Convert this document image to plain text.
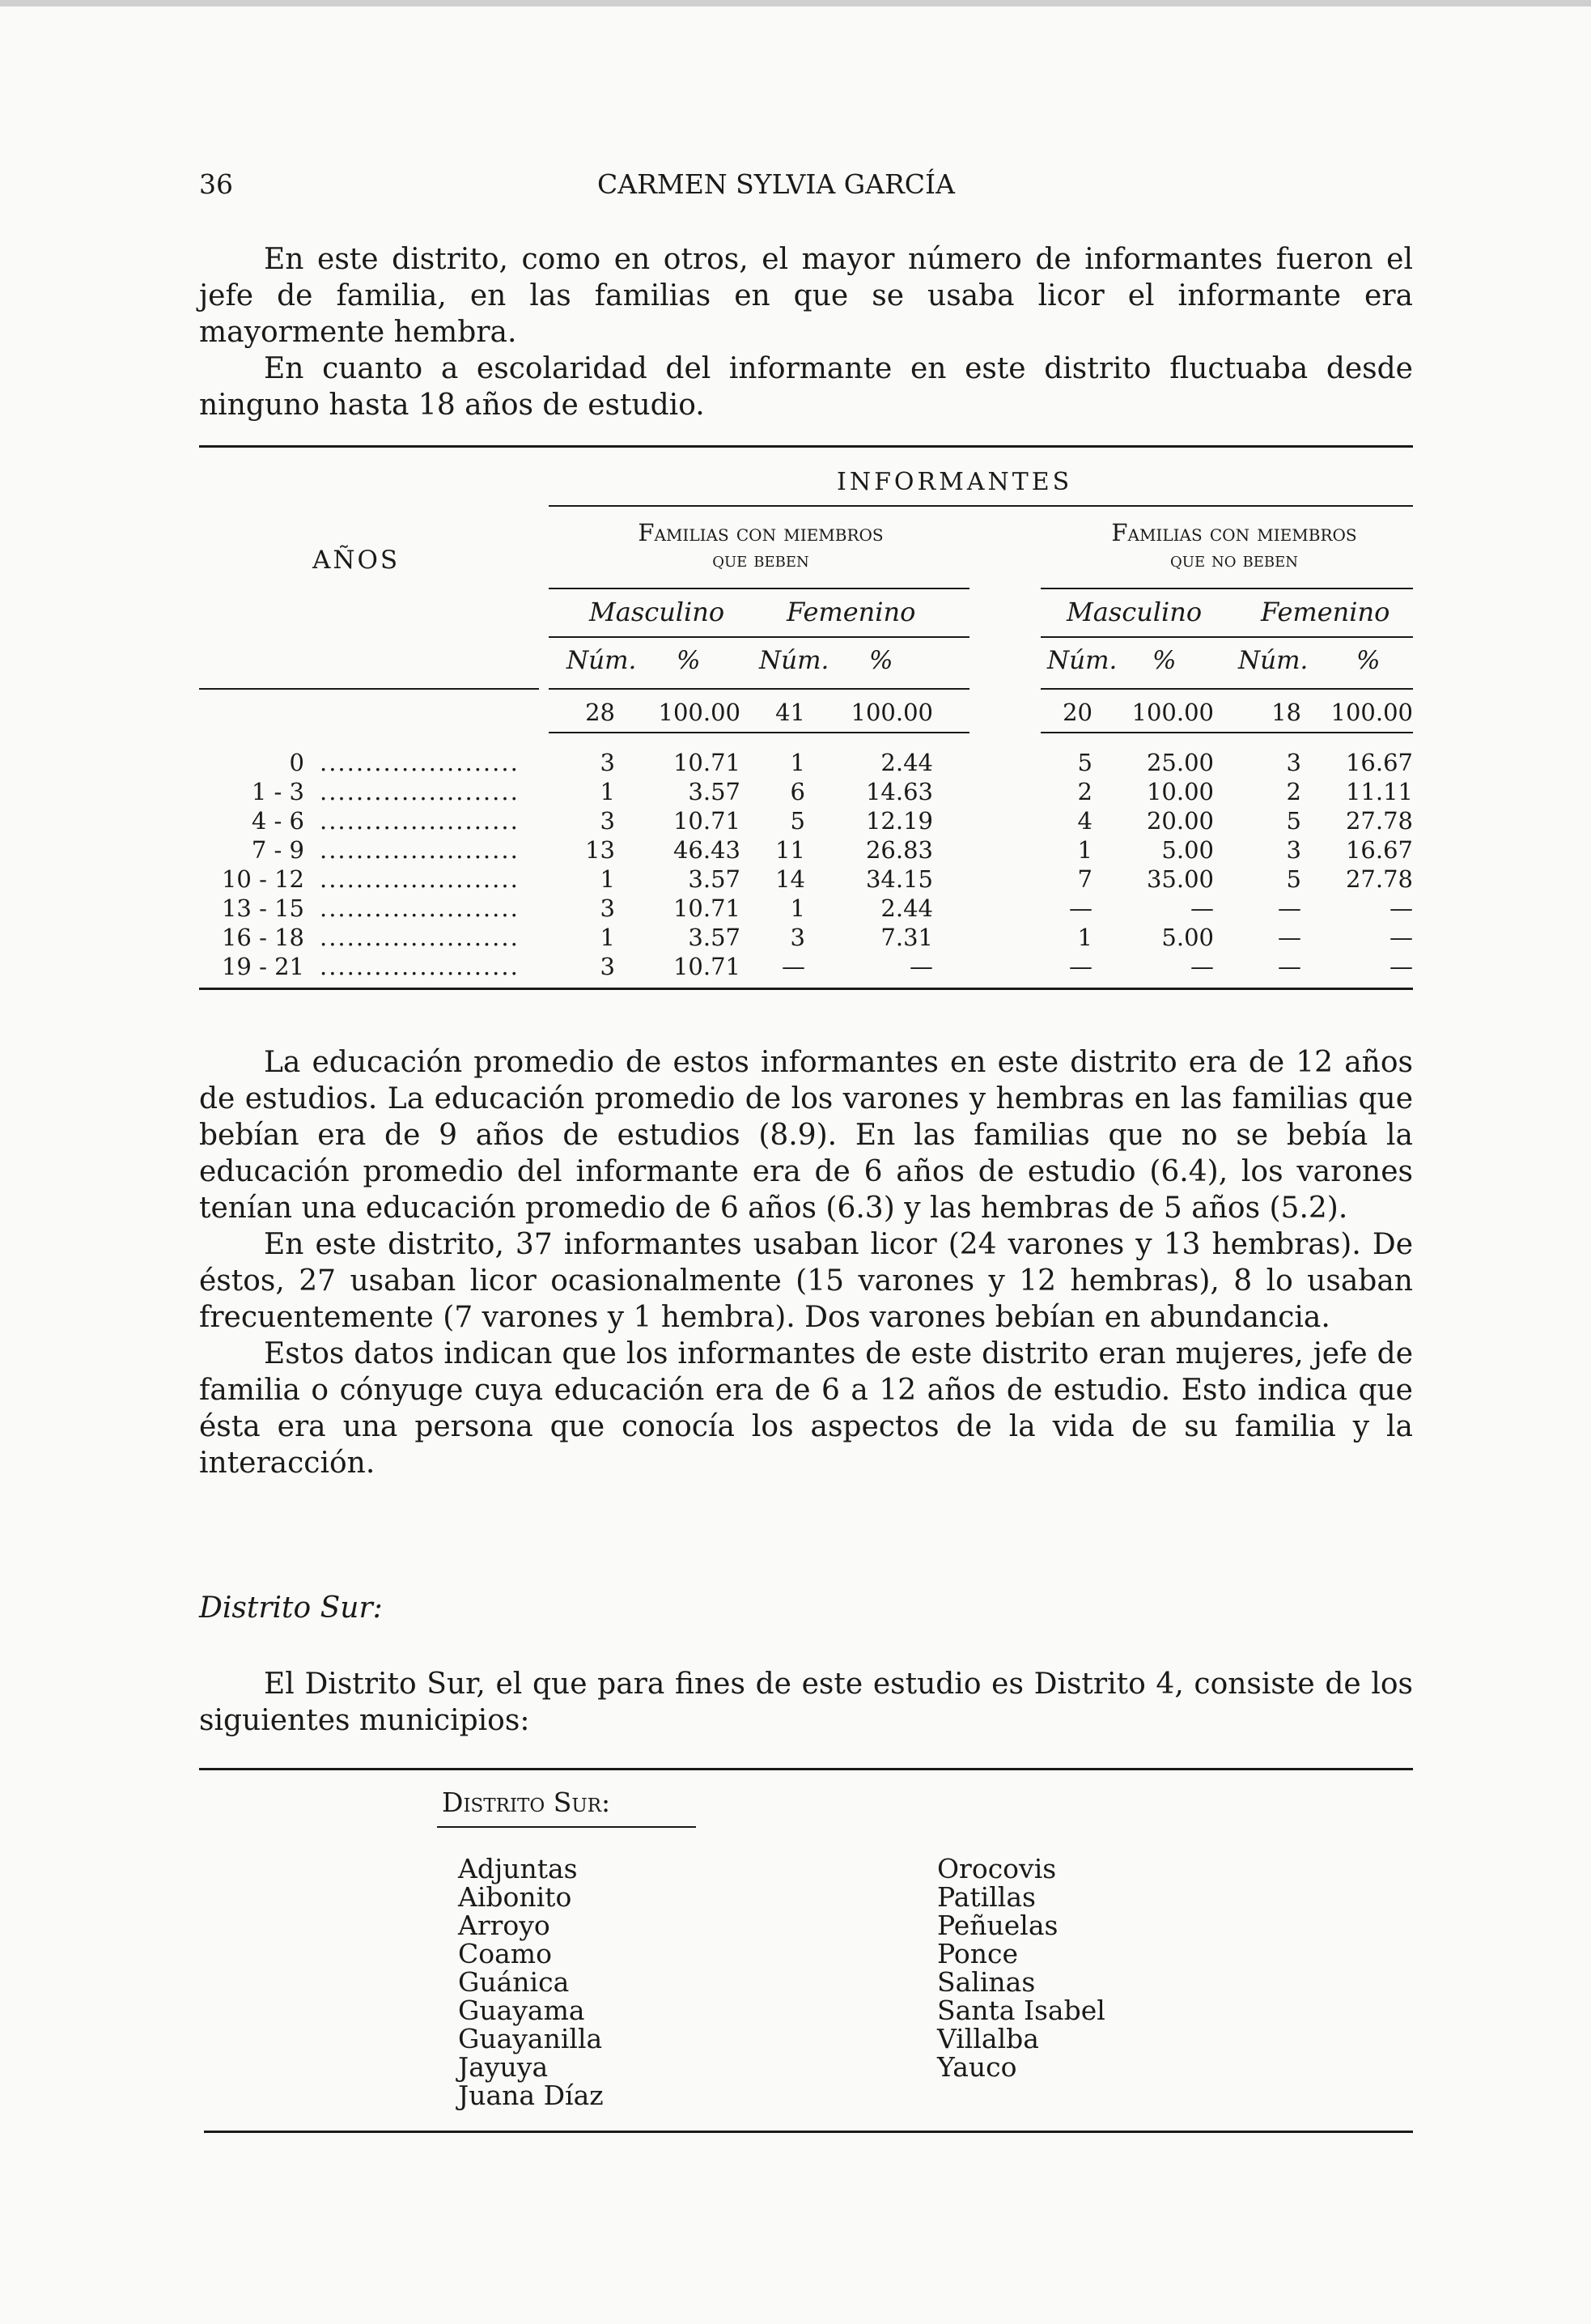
36	CARMEN SYLVIA GARCÍA

En este distrito, como en otros, el mayor número de informantes fueron el jefe de familia, en las familias en que se usaba licor el informante era mayormente hembra.

En cuanto a escolaridad del informante en este distrito fluctuaba desde ninguno hasta 18 años de estudio.

INFORMANTES
AÑOS
Familias con miembros
que beben
Familias con miembros
que no beben
Masculino Femenino	Masculino Femenino
Núm. % Núm. %	Núm. % Núm. %
28	100.00	41	100.00	20	100.00	18	100.00
0 ......................	3	10.71	1	2.44	5	25.00	3	16.67
1 - 3 ......................	1	3.57	6	14.63	2	10.00	2	11.11
4 - 6 ......................	3	10.71	5	12.19	4	20.00	5	27.78
7 - 9 ......................	13	46.43	11	26.83	1	5.00	3	16.67
10 - 12 ......................	1	3.57	14	34.15	7	35.00	5	27.78
13 - 15 ......................	3	10.71	1	2.44	—	—	—	—
16 - 18 ......................	1	3.57	3	7.31	1	5.00	—	—
19 - 21 ......................	3	10.71	—	—	—	—	—	—

La educación promedio de estos informantes en este distrito era de 12 años de estudios. La educación promedio de los varones y hembras en las familias que bebían era de 9 años de estudios (8.9). En las familias que no se bebía la educación promedio del informante era de 6 años de estudio (6.4), los varones tenían una educación promedio de 6 años (6.3) y las hembras de 5 años (5.2).

En este distrito, 37 informantes usaban licor (24 varones y 13 hembras). De éstos, 27 usaban licor ocasionalmente (15 varones y 12 hembras), 8 lo usaban frecuentemente (7 varones y 1 hembra). Dos varones bebían en abundancia.

Estos datos indican que los informantes de este distrito eran mujeres, jefe de familia o cónyuge cuya educación era de 6 a 12 años de estudio. Esto indica que ésta era una persona que conocía los aspectos de la vida de su familia y la interacción.

Distrito Sur:

El Distrito Sur, el que para fines de este estudio es Distrito 4, consiste de los siguientes municipios:

Distrito Sur:
Adjuntas
Aibonito
Arroyo
Coamo
Guánica
Guayama
Guayanilla
Jayuya
Juana Díaz
Orocovis
Patillas
Peñuelas
Ponce
Salinas
Santa Isabel
Villalba
Yauco
